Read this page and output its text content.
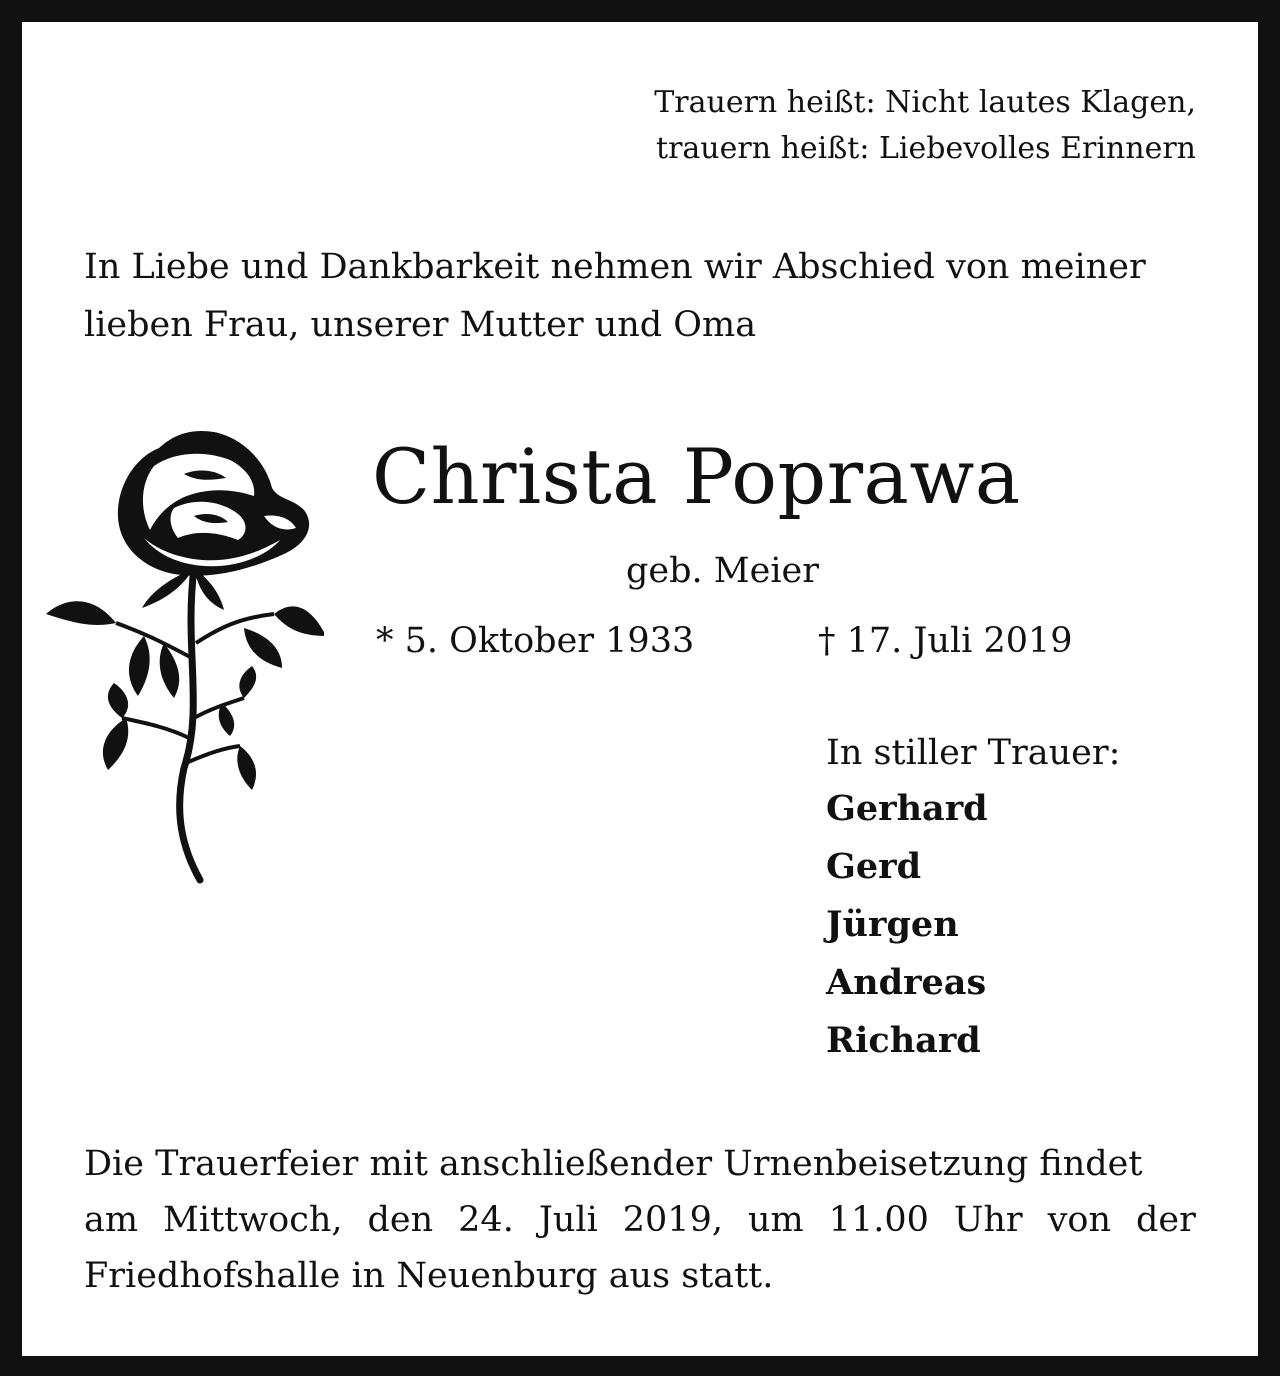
Trauern heißt: Nicht lautes Klagen,
trauern heißt: Liebevolles Erinnern
In Liebe und Dankbarkeit nehmen wir Abschied von meiner
lieben Frau, unserer Mutter und Oma
Christa Poprawa
geb. Meier
* 5. Oktober 1933	† 17. Juli 2019
In stiller Trauer:
Gerhard
Gerd
Jürgen
Andreas
Richard
Die Trauerfeier mit anschließender Urnenbeisetzung findet
am Mittwoch, den 24. Juli 2019, um 11.00 Uhr von der
Friedhofshalle in Neuenburg aus statt.
